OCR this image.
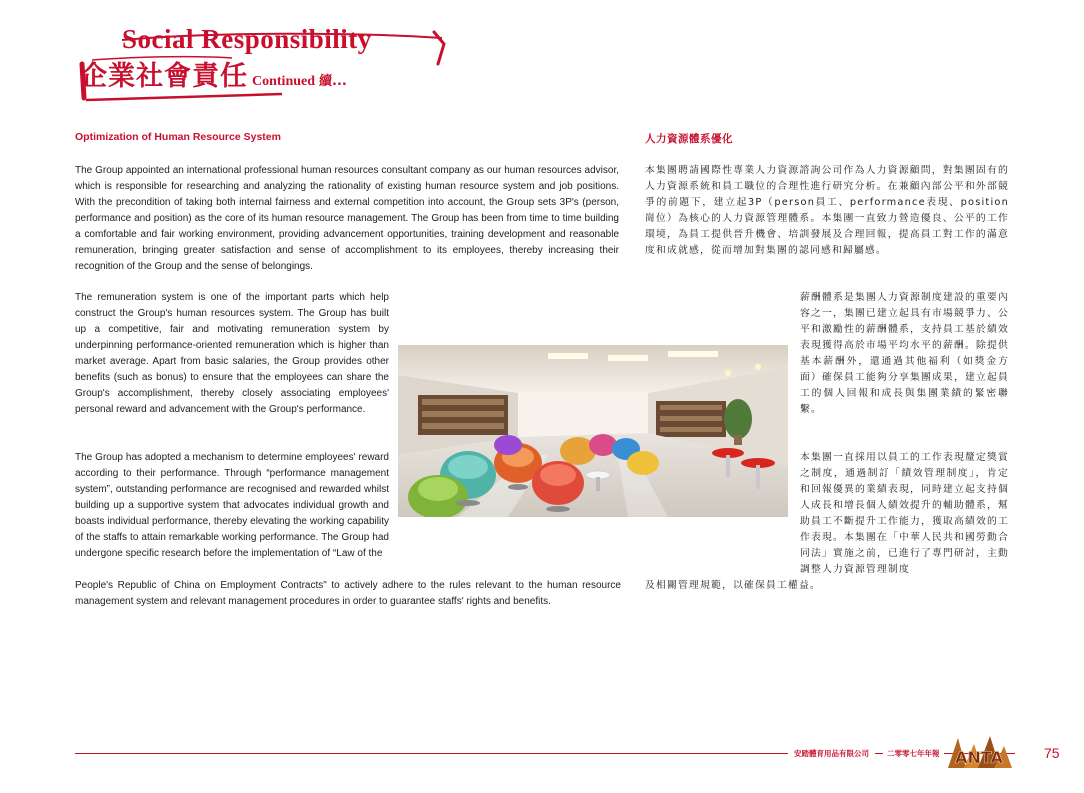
Social Responsibility
企業社會責任 Continued 續...
Optimization of Human Resource System	人力資源體系優化

The Group appointed an international professional human resources consultant company as our human resources advisor, which is responsible for researching and analyzing the rationality of existing human resource system and job positions. With the precondition of taking both internal fairness and external competition into account, the Group sets 3P's (person, performance and position) as the core of its human resource management. The Group has been from time to time building a comfortable and fair working environment, providing advancement opportunities, training development and reasonable remuneration, bringing greater satisfaction and sense of accomplishment to its employees, thereby increasing their recognition of the Group and the sense of belongings.

The remuneration system is one of the important parts which help construct the Group's human resources system. The Group has built up a competitive, fair and motivating remuneration system by underpinning performance-oriented remuneration which is higher than market average. Apart from basic salaries, the Group provides other benefits (such as bonus) to ensure that the employees can share the Group's accomplishment, thereby closely associating employees' personal reward and advancement with the Group's performance.

The Group has adopted a mechanism to determine employees' reward according to their performance. Through “performance management system”, outstanding performance are recognised and rewarded whilst building up a supportive system that advocates individual growth and boasts individual performance, thereby elevating the working capability of the staffs to attain remarkable working performance. The Group had undergone specific research before the implementation of “Law of the

People's Republic of China on Employment Contracts" to actively adhere to the rules relevant to the human resource management system and relevant management procedures in order to guarantee staffs' rights and benefits.

本集團聘請國際性專業人力資源諮詢公司作為人力資源顧問，對集團固有的人力資源系統和員工職位的合理性進行研究分析。在兼顧內部公平和外部競爭的前題下，建立起3P（person員工、performance表現、position崗位）為核心的人力資源管理體系。本集團一直致力營造優良、公平的工作環境，為員工提供晉升機會、培訓發展及合理回報，提高員工對工作的滿意度和成就感，從而增加對集團的認同感和歸屬感。

薪酬體系是集團人力資源制度建設的重要內容之一，集團已建立起具有市場競爭力、公平和激勵性的薪酬體系，支持員工基於績效表現獲得高於市場平均水平的薪酬。除提供基本薪酬外，還通過其他福利（如獎金方面）確保員工能夠分享集團成果，建立起員工的個人回報和成長與集團業績的緊密聯繫。

本集團一直採用以員工的工作表現釐定獎賞之制度，通過制訂「績效管理制度」，肯定和回報優異的業績表現，同時建立起支持個人成長和增長個人績效提升的輔助體系，幫助員工不斷提升工作能力，獲取高績效的工作表現。本集團在「中華人民共和國勞動合同法」實施之前，已進行了專門研討，主動調整人力資源管理制度

及相關管理規範，以確保員工權益。

安踏體育用品有限公司	二零零七年年報 ANTA	75
